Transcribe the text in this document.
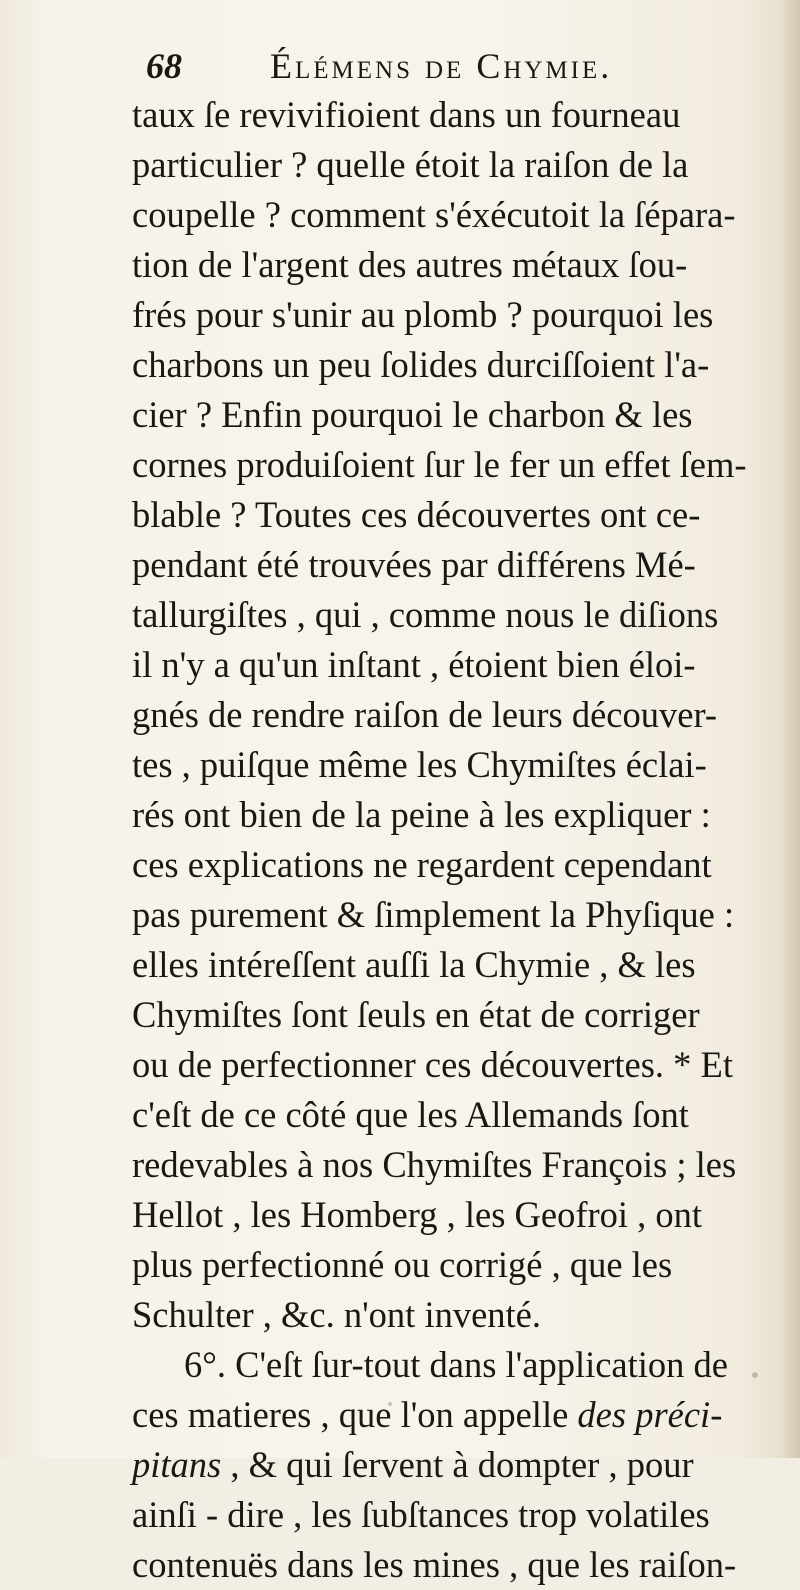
68 Élémens de Chymie.
taux ſe revivifioient dans un fourneau
particulier ? quelle étoit la raiſon de la
coupelle ? comment s'éxécutoit la ſépara-
tion de l'argent des autres métaux ſou-
frés pour s'unir au plomb ? pourquoi les
charbons un peu ſolides durciſſoient l'a-
cier ? Enfin pourquoi le charbon & les
cornes produiſoient ſur le fer un effet ſem-
blable ? Toutes ces découvertes ont ce-
pendant été trouvées par différens Mé-
tallurgiſtes , qui , comme nous le diſions
il n'y a qu'un inſtant , étoient bien éloi-
gnés de rendre raiſon de leurs découver-
tes , puiſque même les Chymiſtes éclai-
rés ont bien de la peine à les expliquer :
ces explications ne regardent cependant
pas purement & ſimplement la Phyſique :
elles intéreſſent auſſi la Chymie , & les
Chymiſtes ſont ſeuls en état de corriger
ou de perfectionner ces découvertes. * Et
c'eſt de ce côté que les Allemands ſont
redevables à nos Chymiſtes François ; les
Hellot , les Homberg , les Geofroi , ont
plus perfectionné ou corrigé , que les
Schulter , &c. n'ont inventé.
6°. C'eſt ſur-tout dans l'application de
ces matieres , que l'on appelle des préci-
pitans , & qui ſervent à dompter , pour
ainſi - dire , les ſubſtances trop volatiles
contenuës dans les mines , que les raiſon-
